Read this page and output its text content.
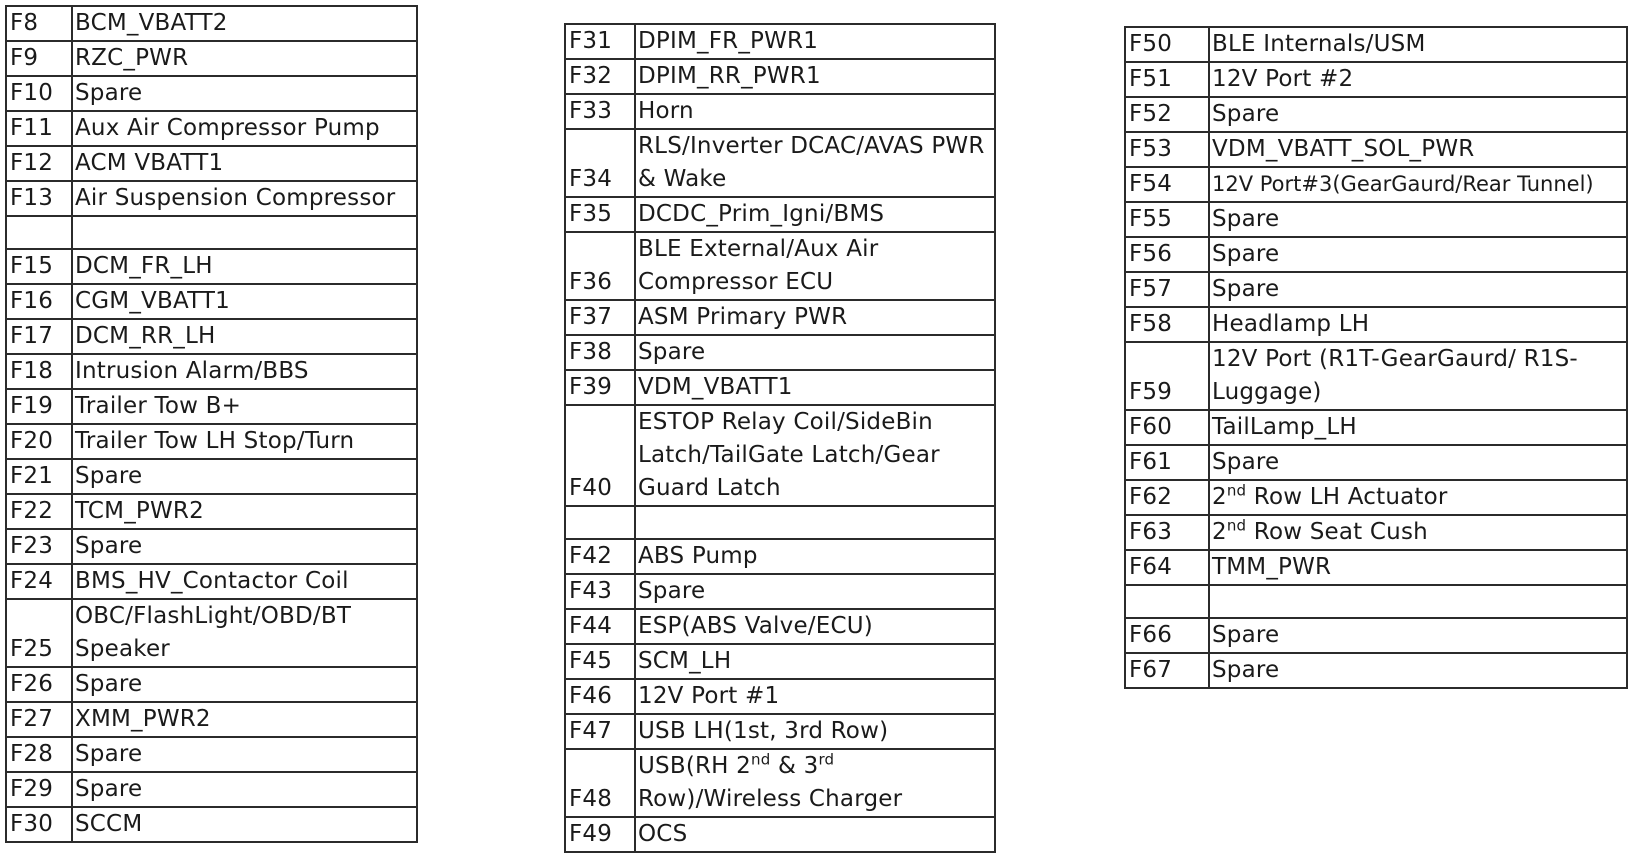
F8	BCM_VBATT2
F9	RZC_PWR
F10	Spare
F11	Aux Air Compressor Pump
F12	ACM VBATT1
F13	Air Suspension Compressor

F15	DCM_FR_LH
F16	CGM_VBATT1
F17	DCM_RR_LH
F18	Intrusion Alarm/BBS
F19	Trailer Tow B+
F20	Trailer Tow LH Stop/Turn
F21	Spare
F22	TCM_PWR2
F23	Spare
F24	BMS_HV_Contactor Coil
F25	OBC/FlashLight/OBD/BT Speaker
F26	Spare
F27	XMM_PWR2
F28	Spare
F29	Spare
F30	SCCM
F31	DPIM_FR_PWR1
F32	DPIM_RR_PWR1
F33	Horn
F34	RLS/Inverter DCAC/AVAS PWR & Wake
F35	DCDC_Prim_Igni/BMS
F36	BLE External/Aux Air Compressor ECU
F37	ASM Primary PWR
F38	Spare
F39	VDM_VBATT1
F40	ESTOP Relay Coil/SideBin Latch/TailGate Latch/Gear Guard Latch

F42	ABS Pump
F43	Spare
F44	ESP(ABS Valve/ECU)
F45	SCM_LH
F46	12V Port #1
F47	USB LH(1st, 3rd Row)
F48	USB(RH 2nd & 3rd Row)/Wireless Charger
F49	OCS
F50	BLE Internals/USM
F51	12V Port #2
F52	Spare
F53	VDM_VBATT_SOL_PWR
F54	12V Port#3(GearGaurd/Rear Tunnel)
F55	Spare
F56	Spare
F57	Spare
F58	Headlamp LH
F59	12V Port (R1T-GearGaurd/ R1S-Luggage)
F60	TailLamp_LH
F61	Spare
F62	2nd Row LH Actuator
F63	2nd Row Seat Cush
F64	TMM_PWR

F66	Spare
F67	Spare
